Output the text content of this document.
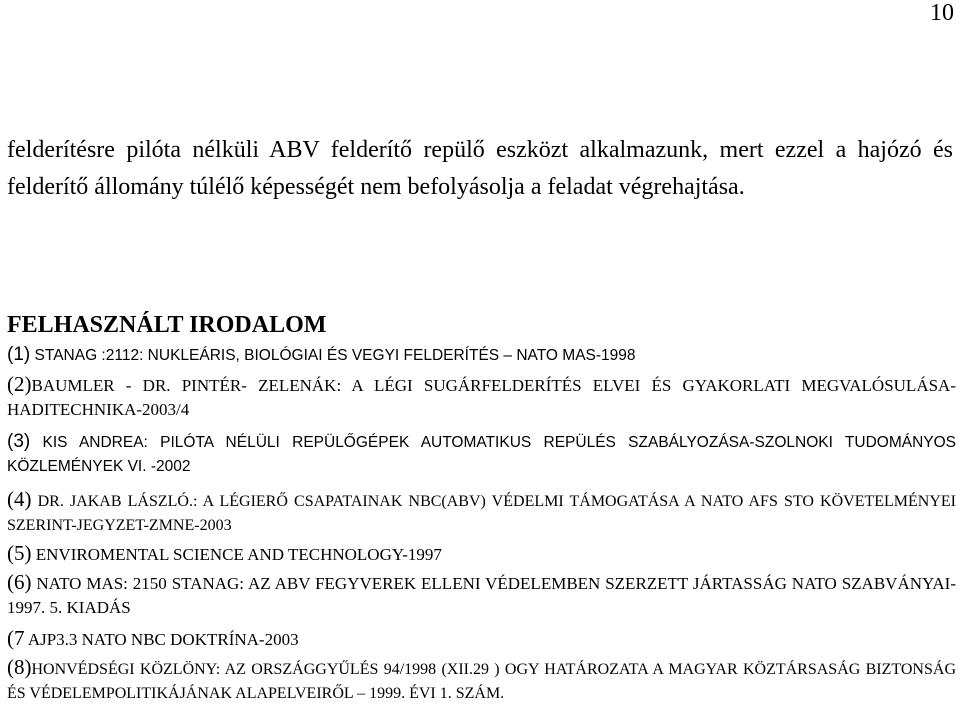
10

felderítésre pilóta nélküli ABV felderítő repülő eszközt alkalmazunk, mert ezzel a hajózó és felderítő állomány túlélő képességét nem befolyásolja a feladat végrehajtása.

FELHASZNÁLT IRODALOM

(1) STANAG :2112: NUKLEÁRIS, BIOLÓGIAI ÉS VEGYI FELDERÍTÉS – NATO MAS-1998

(2)BAUMLER - DR. PINTÉR- ZELENÁK: A LÉGI SUGÁRFELDERÍTÉS ELVEI ÉS GYAKORLATI MEGVALÓSULÁSA- HADITECHNIKA-2003/4

(3) KIS ANDREA: PILÓTA NÉLÜLI REPÜLŐGÉPEK AUTOMATIKUS REPÜLÉS SZABÁLYOZÁSA-SZOLNOKI TUDOMÁNYOS KÖZLEMÉNYEK VI. -2002

(4) DR. JAKAB LÁSZLÓ.: A LÉGIERŐ CSAPATAINAK NBC(ABV) VÉDELMI TÁMOGATÁSA A NATO AFS STO KÖVETELMÉNYEI SZERINT-JEGYZET-ZMNE-2003

(5) ENVIROMENTAL SCIENCE AND TECHNOLOGY-1997

(6) NATO MAS: 2150 STANAG: AZ ABV FEGYVEREK ELLENI VÉDELEMBEN SZERZETT JÁRTASSÁG NATO SZABVÁNYAI-1997. 5. KIADÁS

(7 AJP3.3 NATO NBC DOKTRÍNA-2003

(8)HONVÉDSÉGI KÖZLÖNY: AZ ORSZÁGGYŰLÉS 94/1998 (XII.29 ) OGY HATÁROZATA A MAGYAR KÖZTÁRSASÁG BIZTONSÁG ÉS VÉDELEMPOLITIKÁJÁNAK ALAPELVEIRŐL – 1999. ÉVI 1. SZÁM.
